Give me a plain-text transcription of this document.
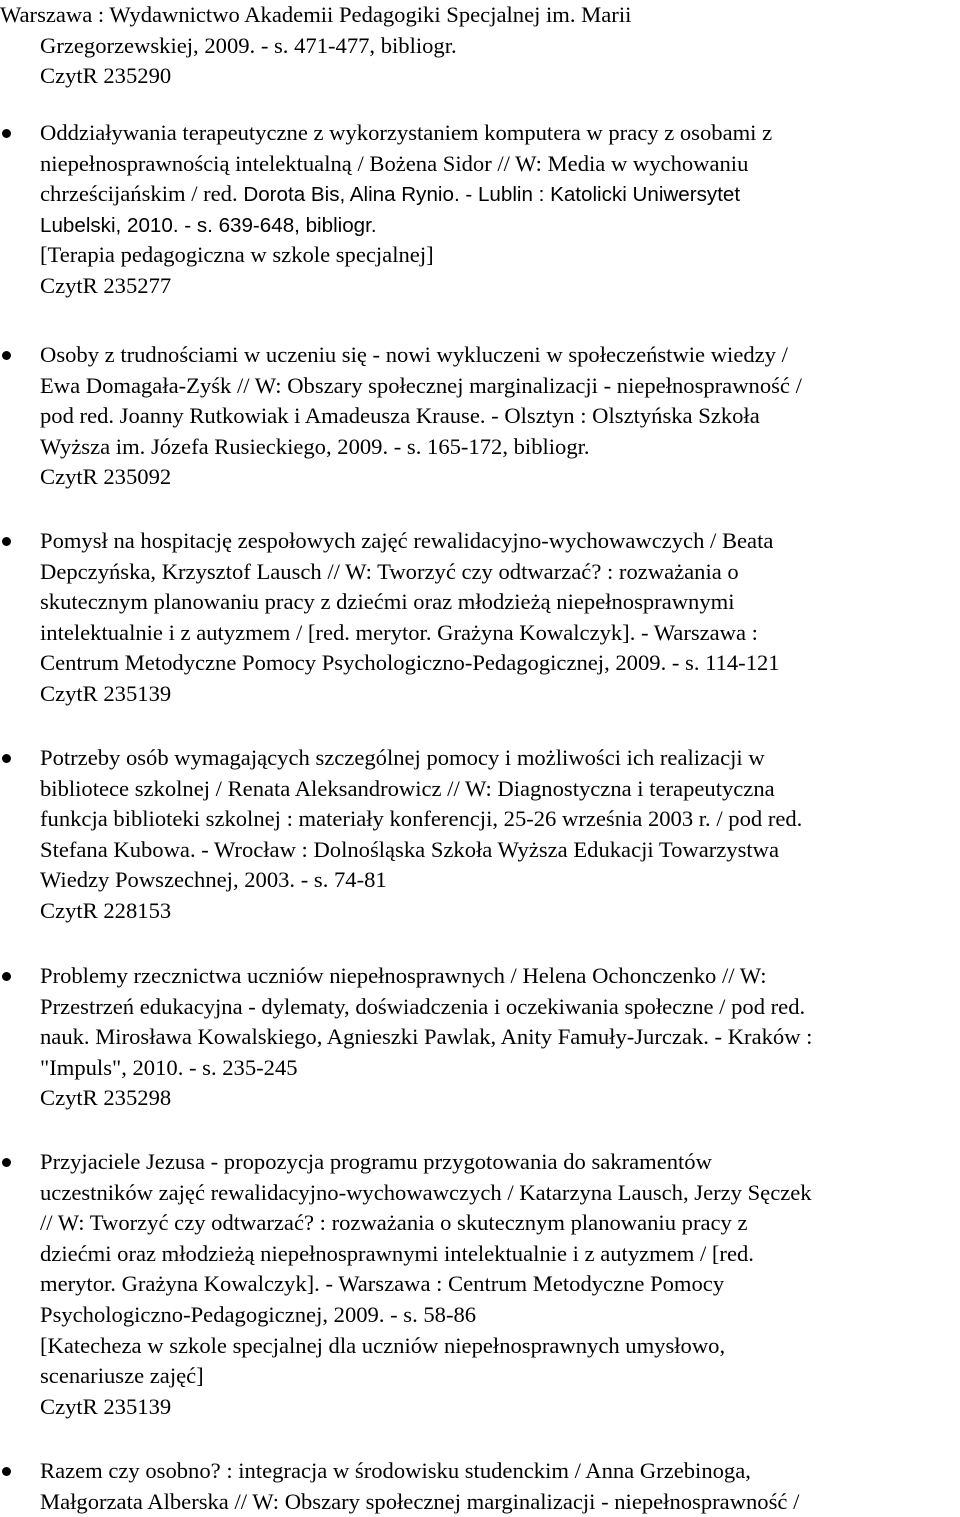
Warszawa : Wydawnictwo Akademii Pedagogiki Specjalnej im. Marii
Grzegorzewskiej, 2009. - s. 471-477, bibliogr.
CzytR 235290
Oddziaływania terapeutyczne z wykorzystaniem komputera w pracy z osobami z
niepełnosprawnością intelektualną / Bożena Sidor // W: Media w wychowaniu
chrześcijańskim / red. Dorota Bis, Alina Rynio. - Lublin : Katolicki Uniwersytet
Lubelski, 2010. - s. 639-648, bibliogr.
[Terapia pedagogiczna w szkole specjalnej]
CzytR 235277
Osoby z trudnościami w uczeniu się - nowi wykluczeni w społeczeństwie wiedzy /
Ewa Domagała-Zyśk // W: Obszary społecznej marginalizacji - niepełnosprawność /
pod red. Joanny Rutkowiak i Amadeusza Krause. - Olsztyn : Olsztyńska Szkoła
Wyższa im. Józefa Rusieckiego, 2009. - s. 165-172, bibliogr.
CzytR 235092
Pomysł na hospitację zespołowych zajęć rewalidacyjno-wychowawczych / Beata
Depczyńska, Krzysztof Lausch // W: Tworzyć czy odtwarzać? : rozważania o
skutecznym planowaniu pracy z dziećmi oraz młodzieżą niepełnosprawnymi
intelektualnie i z autyzmem / [red. merytor. Grażyna Kowalczyk]. - Warszawa :
Centrum Metodyczne Pomocy Psychologiczno-Pedagogicznej, 2009. - s. 114-121
CzytR 235139
Potrzeby osób wymagających szczególnej pomocy i możliwości ich realizacji w
bibliotece szkolnej / Renata Aleksandrowicz // W: Diagnostyczna i terapeutyczna
funkcja biblioteki szkolnej : materiały konferencji, 25-26 września 2003 r. / pod red.
Stefana Kubowa. - Wrocław : Dolnośląska Szkoła Wyższa Edukacji Towarzystwa
Wiedzy Powszechnej, 2003. - s. 74-81
CzytR 228153
Problemy rzecznictwa uczniów niepełnosprawnych / Helena Ochonczenko // W:
Przestrzeń edukacyjna - dylematy, doświadczenia i oczekiwania społeczne / pod red.
nauk. Mirosława Kowalskiego, Agnieszki Pawlak, Anity Famuły-Jurczak. - Kraków :
"Impuls", 2010. - s. 235-245
CzytR 235298
Przyjaciele Jezusa - propozycja programu przygotowania do sakramentów
uczestników zajęć rewalidacyjno-wychowawczych / Katarzyna Lausch, Jerzy Sęczek
// W: Tworzyć czy odtwarzać? : rozważania o skutecznym planowaniu pracy z
dziećmi oraz młodzieżą niepełnosprawnymi intelektualnie i z autyzmem / [red.
merytor. Grażyna Kowalczyk]. - Warszawa : Centrum Metodyczne Pomocy
Psychologiczno-Pedagogicznej, 2009. - s. 58-86
[Katecheza w szkole specjalnej dla uczniów niepełnosprawnych umysłowo,
scenariusze zajęć]
CzytR 235139
Razem czy osobno? : integracja w środowisku studenckim / Anna Grzebinoga,
Małgorzata Alberska // W: Obszary społecznej marginalizacji - niepełnosprawność /
